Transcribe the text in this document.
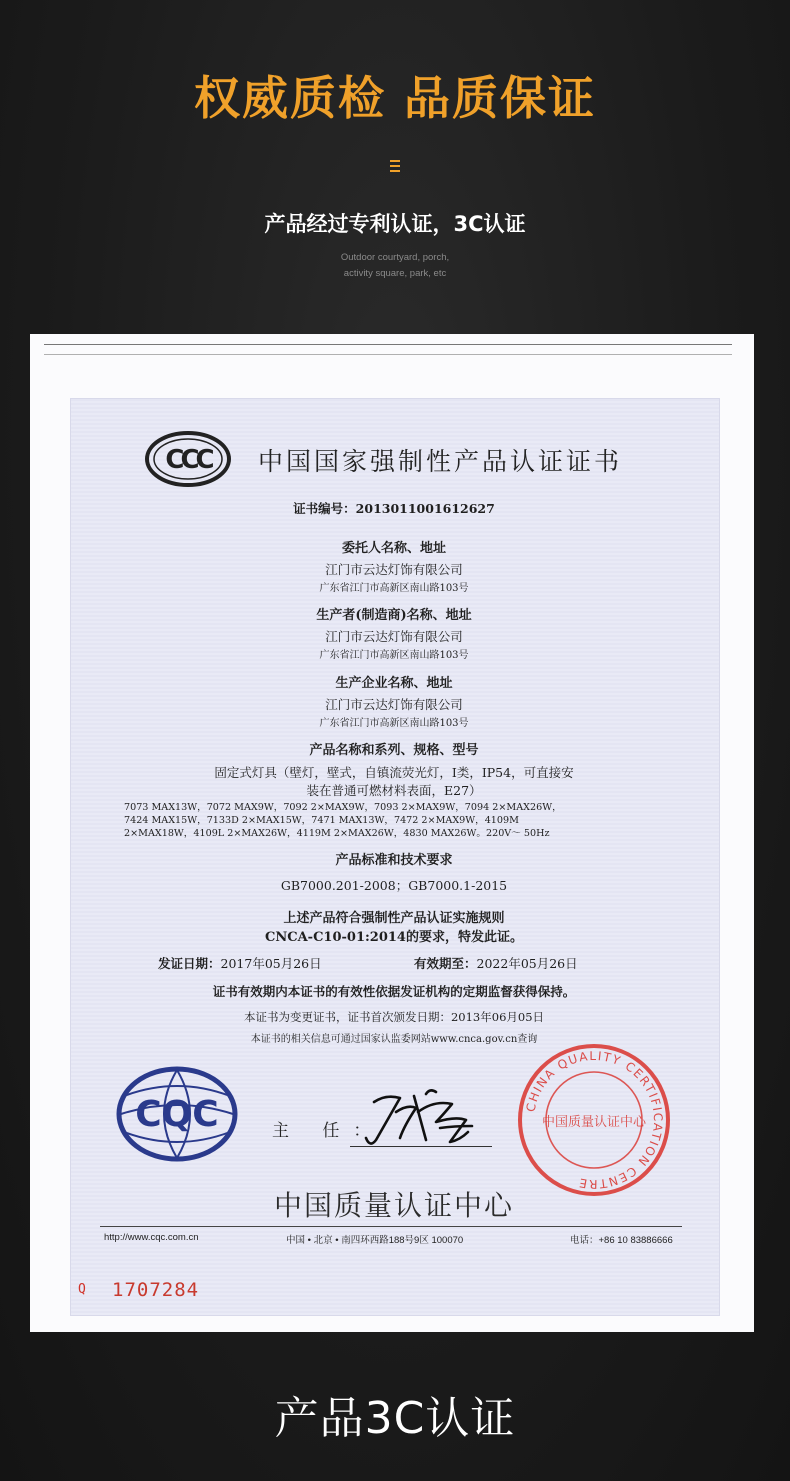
权威质检 品质保证
产品经过专利认证，3C认证
Outdoor courtyard, porch,
activity square, park, etc
CCC 中国国家强制性产品认证证书
证书编号：2013011001612627
委托人名称、地址
江门市云达灯饰有限公司
广东省江门市高新区南山路103号
生产者(制造商)名称、地址
江门市云达灯饰有限公司
广东省江门市高新区南山路103号
生产企业名称、地址
江门市云达灯饰有限公司
广东省江门市高新区南山路103号
产品名称和系列、规格、型号
固定式灯具（壁灯，壁式，自镇流荧光灯，I类，IP54，可直接安
装在普通可燃材料表面，E27）
7073 MAX13W，7072 MAX9W，7092 2×MAX9W，7093 2×MAX9W，7094 2×MAX26W，
7424 MAX15W，7133D 2×MAX15W，7471 MAX13W，7472 2×MAX9W，4109M
2×MAX18W，4109L 2×MAX26W，4119M 2×MAX26W，4830 MAX26W。220V～ 50Hz
产品标准和技术要求
GB7000.201-2008；GB7000.1-2015
上述产品符合强制性产品认证实施规则
CNCA-C10-01:2014的要求，特发此证。
发证日期：2017年05月26日	有效期至：2022年05月26日
证书有效期内本证书的有效性依据发证机构的定期监督获得保持。
本证书为变更证书，证书首次颁发日期：2013年06月05日
本证书的相关信息可通过国家认监委网站www.cnca.gov.cn查询
CQC	主 任：
CHINA QUALITY CERTIFICATION CENTRE
中国质量认证中心
中国质量认证中心
http://www.cqc.com.cn	中国 • 北京 • 南四环西路188号9区 100070	电话：+86 10 83886666
Q 1707284
产品3C认证
